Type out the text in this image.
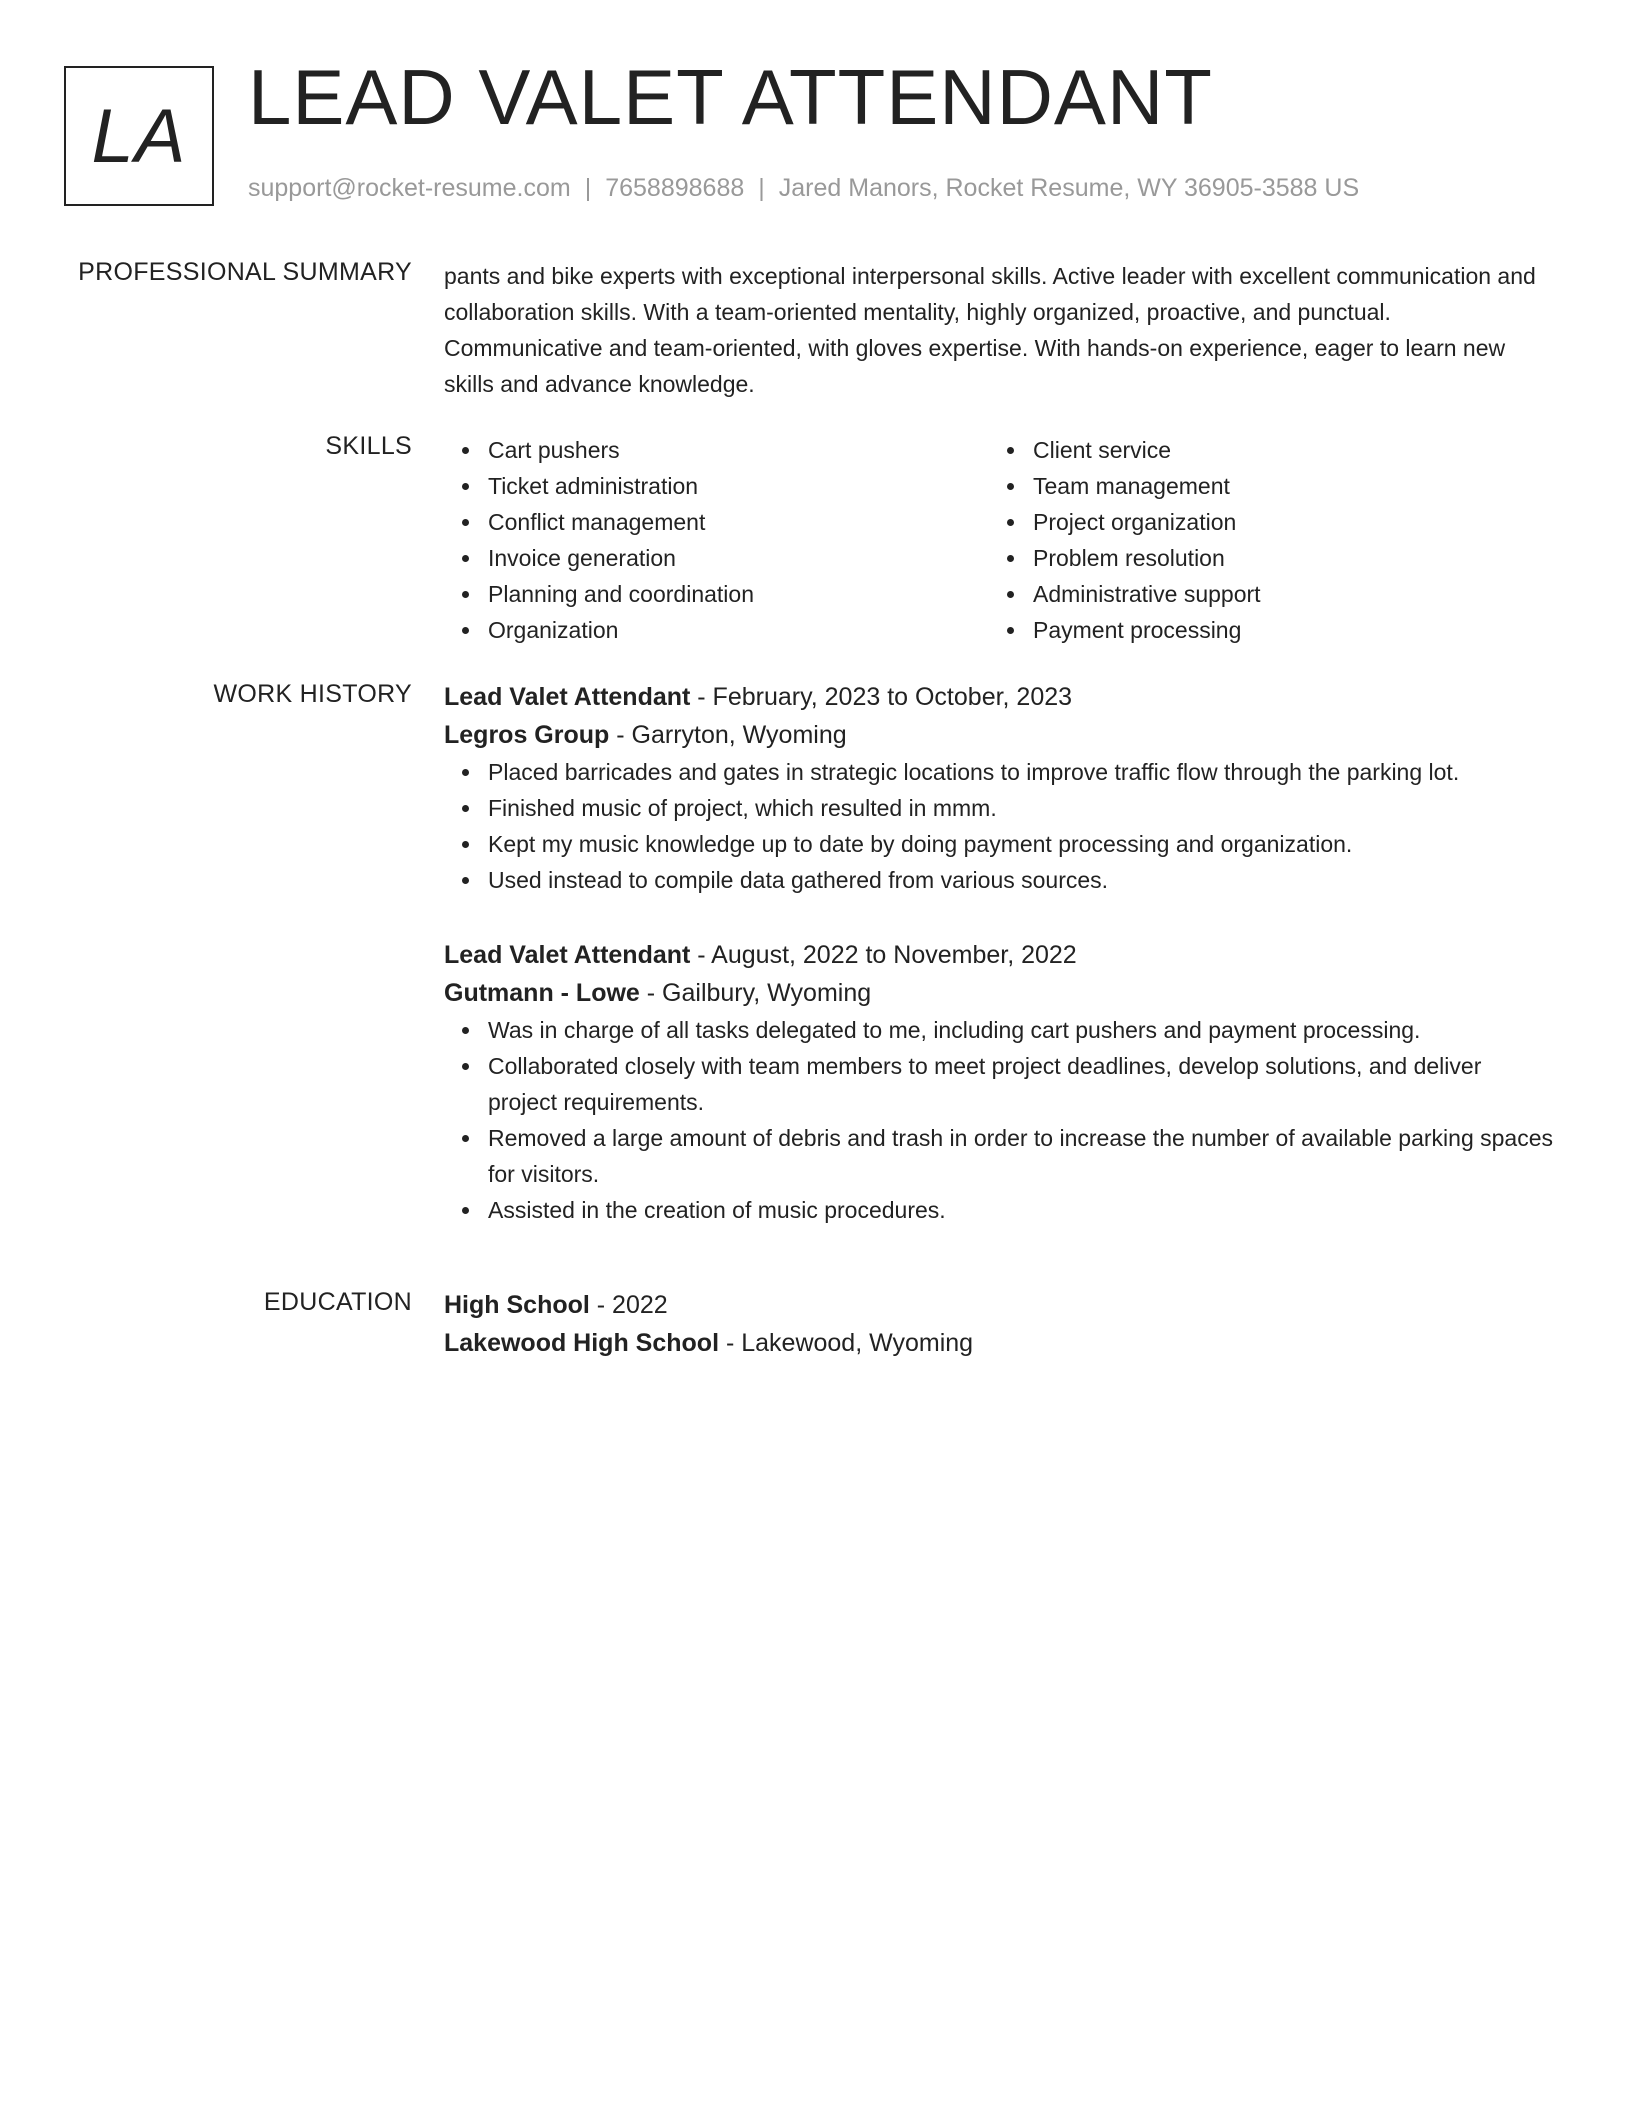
LA LEAD VALET ATTENDANT
support@rocket-resume.com | 7658898688 | Jared Manors, Rocket Resume, WY 36905-3588 US
PROFESSIONAL SUMMARY pants and bike experts with exceptional interpersonal skills. Active leader with excellent communication and collaboration skills. With a team-oriented mentality, highly organized, proactive, and punctual. Communicative and team-oriented, with gloves expertise. With hands-on experience, eager to learn new skills and advance knowledge.

SKILLS	Cart pushers
Ticket administration
Conflict management
Invoice generation
Planning and coordination
Organization
Client service
Team management
Project organization
Problem resolution
Administrative support
Payment processing
WORK HISTORY Lead Valet Attendant - February, 2023 to October, 2023
Legros Group - Garryton, Wyoming
Placed barricades and gates in strategic locations to improve traffic flow through the parking lot.
Finished music of project, which resulted in mmm.
Kept my music knowledge up to date by doing payment processing and organization.
Used instead to compile data gathered from various sources.
Lead Valet Attendant - August, 2022 to November, 2022
Gutmann - Lowe - Gailbury, Wyoming
Was in charge of all tasks delegated to me, including cart pushers and payment processing.
Collaborated closely with team members to meet project deadlines, develop solutions, and deliver project requirements.
Removed a large amount of debris and trash in order to increase the number of available parking spaces for visitors.
Assisted in the creation of music procedures.
EDUCATION High School - 2022
Lakewood High School - Lakewood, Wyoming
